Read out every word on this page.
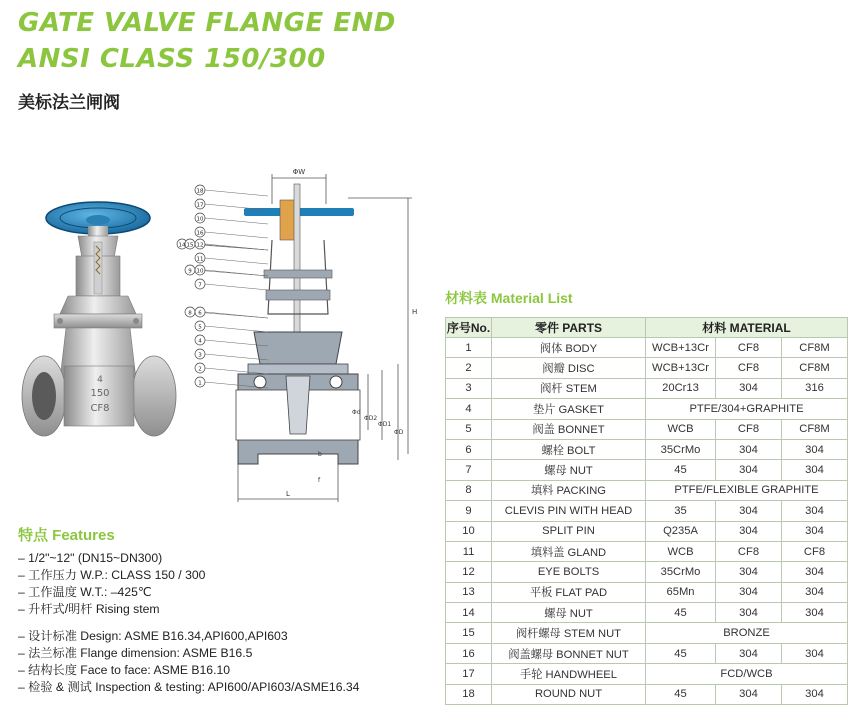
GATE VALVE FLANGE END
ANSI CLASS 150/300
美标法兰闸阀
4
150
CF8
ΦW
H
L
Φd
ΦD2
ΦD1
ΦD
b
f
18
17
10
16
14 15 12
11
9 10
7
8 6
5
4
3
2
1
特点 Features
– 1/2"~12" (DN15~DN300)
– 工作压力 W.P.: CLASS 150 / 300
– 工作温度 W.T.: –425℃
– 升杆式/明杆 Rising stem
– 设计标准 Design: ASME B16.34,API600,API603
– 法兰标准 Flange dimension: ASME B16.5
– 结构长度 Face to face: ASME B16.10
– 检验 & 测试 Inspection & testing: API600/API603/ASME16.34
材料表 Material List
序号No.	零件 PARTS	材料 MATERIAL		
1	阀体 BODY	WCB+13Cr	CF8	CF8M
2	阀瓣 DISC	WCB+13Cr	CF8	CF8M
3	阀杆 STEM	20Cr13	304	316
4	垫片 GASKET	PTFE/304+GRAPHITE		
5	阀盖 BONNET	WCB	CF8	CF8M
6	螺栓 BOLT	35CrMo	304	304
7	螺母 NUT	45	304	304
8	填料 PACKING	PTFE/FLEXIBLE GRAPHITE		
9	CLEVIS PIN WITH HEAD	35	304	304
10	SPLIT PIN	Q235A	304	304
11	填料盖 GLAND	WCB	CF8	CF8
12	EYE BOLTS	35CrMo	304	304
13	平板 FLAT PAD	65Mn	304	304
14	螺母 NUT	45	304	304
15	阀杆螺母 STEM NUT	BRONZE		
16	阀盖螺母 BONNET NUT	45	304	304
17	手轮 HANDWHEEL	FCD/WCB		
18	ROUND NUT	45	304	304
